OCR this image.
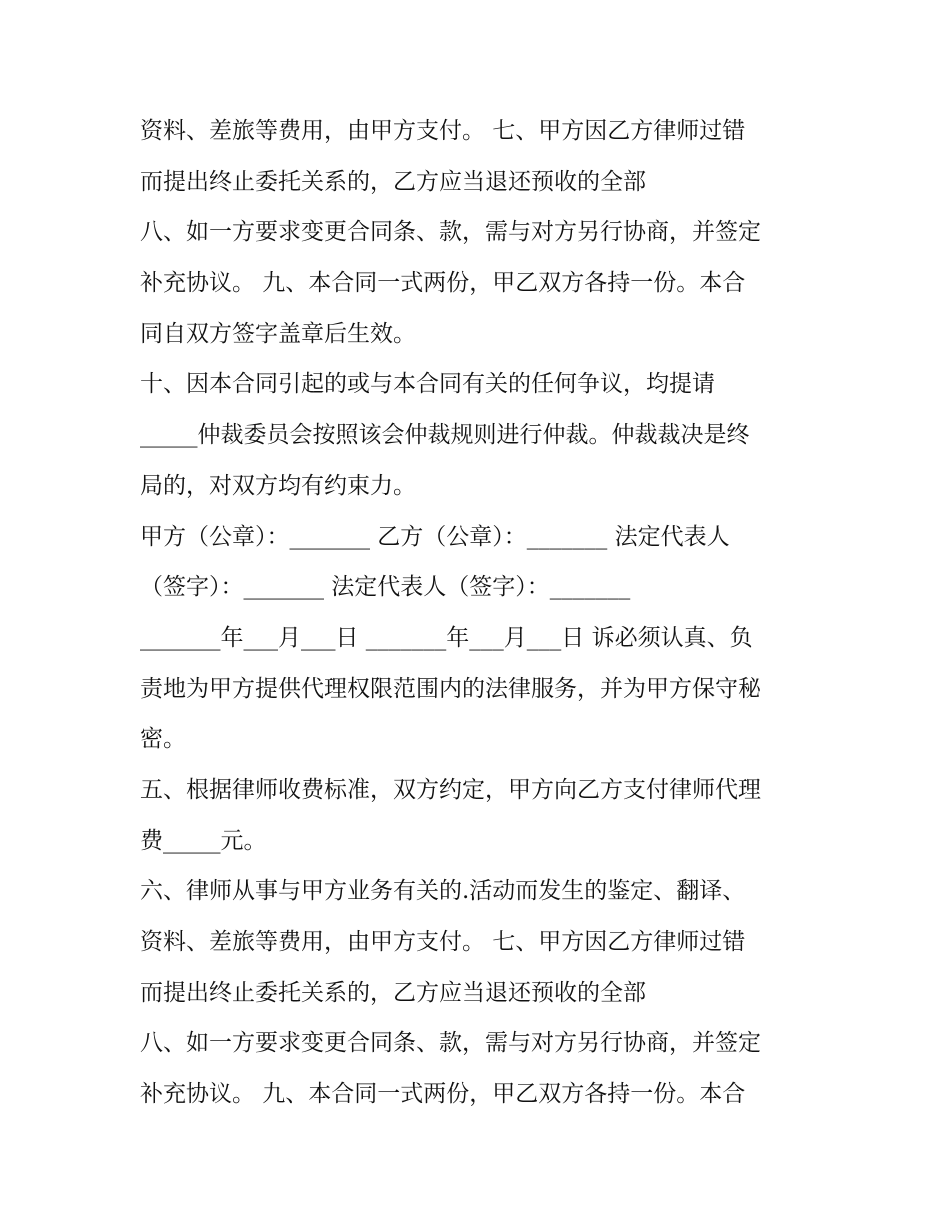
资料、差旅等费用，由甲方支付。 七、甲方因乙方律师过错
而提出终止委托关系的，乙方应当退还预收的全部
八、如一方要求变更合同条、款，需与对方另行协商，并签定
补充协议。 九、本合同一式两份，甲乙双方各持一份。本合
同自双方签字盖章后生效。
十、因本合同引起的或与本合同有关的任何争议，均提请
_____仲裁委员会按照该会仲裁规则进行仲裁。仲裁裁决是终
局的，对双方均有约束力。
甲方（公章）：_______ 乙方（公章）：_______ 法定代表人
（签字）：_______ 法定代表人（签字）：_______
_______年___月___日 _______年___月___日 诉必须认真、负
责地为甲方提供代理权限范围内的法律服务，并为甲方保守秘
密。
五、根据律师收费标准，双方约定，甲方向乙方支付律师代理
费_____元。
六、律师从事与甲方业务有关的.活动而发生的鉴定、翻译、
资料、差旅等费用，由甲方支付。 七、甲方因乙方律师过错
而提出终止委托关系的，乙方应当退还预收的全部
八、如一方要求变更合同条、款，需与对方另行协商，并签定
补充协议。 九、本合同一式两份，甲乙双方各持一份。本合
